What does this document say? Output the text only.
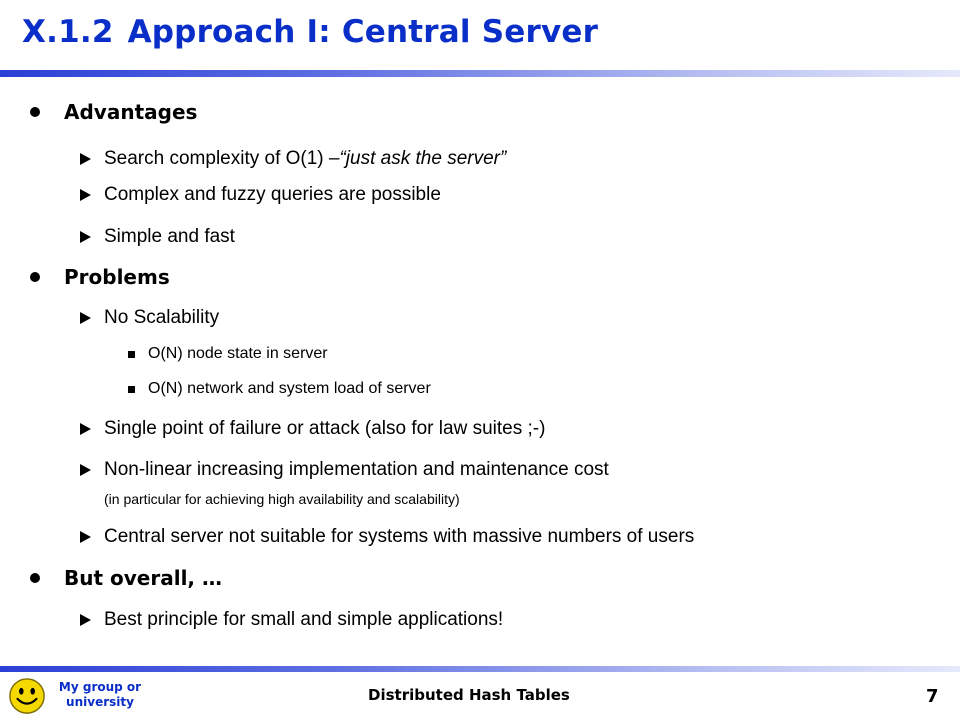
X.1.2 Approach I: Central Server
Advantages
Search complexity of O(1) – “just ask the server”
Complex and fuzzy queries are possible
Simple and fast
Problems
No Scalability
O(N) node state in server
O(N) network and system load of server
Single point of failure or attack (also for law suites ;-)
Non-linear increasing implementation and maintenance cost
(in particular for achieving high availability and scalability)
Central server not suitable for systems with massive numbers of users
But overall, …
Best principle for small and simple applications!
My group or
university	Distributed Hash Tables	7
